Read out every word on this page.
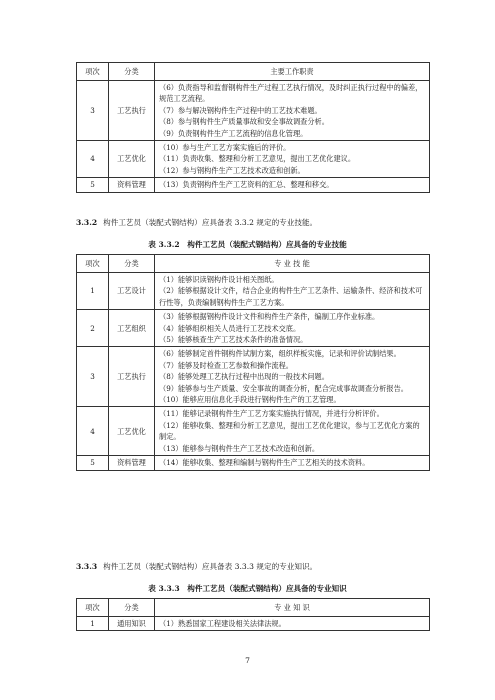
项次	分类	主要工作职责
3	工艺执行	（6）负责指导和监督钢构件生产过程工艺执行情况，及时纠正执行过程中的偏差，规范工艺流程。
（7）参与解决钢构件生产过程中的工艺技术难题。
（8）参与钢构件生产质量事故和安全事故调查分析。
（9）负责钢构件生产工艺流程的信息化管理。

4	工艺优化	（10）参与生产工艺方案实施后的评价。
（11）负责收集、整理和分析工艺意见，提出工艺优化建议。
（12）参与钢构件生产工艺技术改造和创新。

5	资料管理	（13）负责钢构件生产工艺资料的汇总、整理和移交。
3.3.2 构件工艺员（装配式钢结构）应具备表 3.3.2 规定的专业技能。
表 3.3.2　构件工艺员（装配式钢结构）应具备的专业技能
项次	分类	专 业 技 能
1	工艺设计	（1）能够识读钢构件设计相关图纸。
（2）能够根据设计文件，结合企业的构件生产工艺条件、运输条件、经济和技术可行性等，负责编制钢构件生产工艺方案。

2	工艺组织	（3）能够根据钢构件设计文件和构件生产条件，编制工序作业标准。
（4）能够组织相关人员进行工艺技术交底。
（5）能够核查生产工艺技术条件的准备情况。

3	工艺执行	（6）能够制定首件钢构件试制方案，组织样板实施，记录和评价试制结果。
（7）能够及时检查工艺参数和操作流程。
（8）能够处理工艺执行过程中出现的一般技术问题。
（9）能够参与生产质量、安全事故的调查分析，配合完成事故调查分析报告。
（10）能够应用信息化手段进行钢构件生产的工艺管理。

4	工艺优化	（11）能够记录钢构件生产工艺方案实施执行情况，并进行分析评价。
（12）能够收集、整理和分析工艺意见，提出工艺优化建议，参与工艺优化方案的制定。
（13）能够参与钢构件生产工艺技术改造和创新。

5	资料管理	（14）能够收集、整理和编制与钢构件生产工艺相关的技术资料。
3.3.3 构件工艺员（装配式钢结构）应具备表 3.3.3 规定的专业知识。
表 3.3.3　构件工艺员（装配式钢结构）应具备的专业知识
项次	分类	专 业 知 识
1	通用知识	（1）熟悉国家工程建设相关法律法规。
7
